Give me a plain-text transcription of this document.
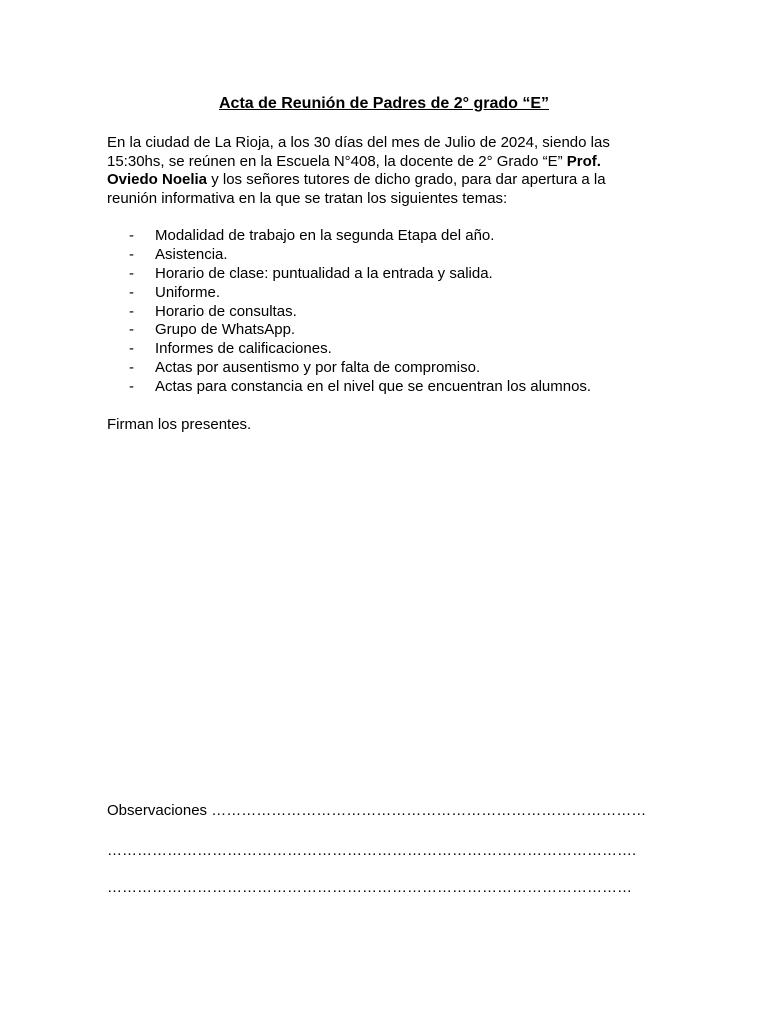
Acta de Reunión de Padres de 2° grado “E”
En la ciudad de La Rioja, a los 30 días del mes de Julio de 2024, siendo las 15:30hs, se reúnen en la Escuela N°408, la docente de 2° Grado “E” Prof. Oviedo Noelia y los señores tutores de dicho grado, para dar apertura a la reunión informativa en la que se tratan los siguientes temas:
- Modalidad de trabajo en la segunda Etapa del año.
- Asistencia.
- Horario de clase: puntualidad a la entrada y salida.
- Uniforme.
- Horario de consultas.
- Grupo de WhatsApp.
- Informes de calificaciones.
- Actas por ausentismo y por falta de compromiso.
- Actas para constancia en el nivel que se encuentran los alumnos.
Firman los presentes.
Observaciones ……………………………………………………………………………
…………………………………………………………………………………………….
……………………………………………………………………………………………
